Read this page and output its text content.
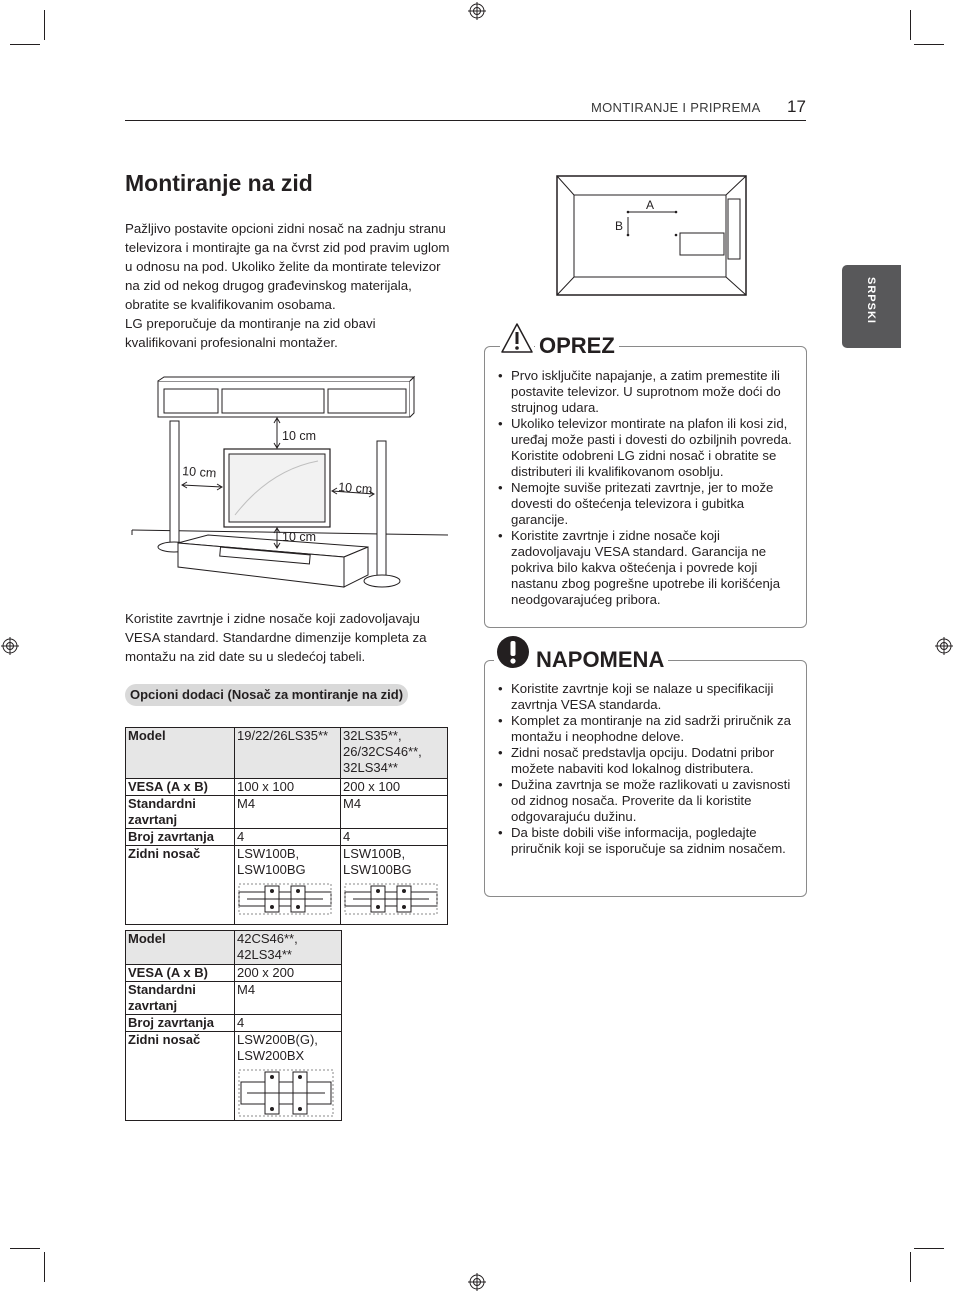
MONTIRANJE I PRIPREMA 17
SRPSKI
Montiranje na zid

Pažljivo postavite opcioni zidni nosač na zadnju stranu televizora i montirajte ga na čvrst zid pod pravim uglom u odnosu na pod. Ukoliko želite da montirate televizor na zid od nekog drugog građevinskog materijala, obratite se kvalifikovanim osobama.

LG preporučuje da montiranje na zid obavi kvalifikovani profesionalni montažer.

10 cm
10 cm
10 cm
10 cm
Koristite zavrtnje i zidne nosače koji zadovoljavaju VESA standard. Standardne dimenzije kompleta za montažu na zid date su u sledećoj tabeli.
Opcioni dodaci (Nosač za montiranje na zid)
Model	19/22/26LS35**	32LS35**, 26/32CS46**, 32LS34**
VESA (A x B)	100 x 100	200 x 100
Standardni zavrtanj	M4	M4
Broj zavrtanja	4	4
Zidni nosač	LSW100B, LSW100BG	LSW100B, LSW100BG
Model	42CS46**, 42LS34**
VESA (A x B)	200 x 200
Standardni zavrtanj	M4
Broj zavrtanja	4
Zidni nosač	LSW200B(G), LSW200BX
A
B
• Prvo isključite napajanje, a zatim premestite ili postavite televizor. U suprotnom može doći do strujnog udara.
• Ukoliko televizor montirate na plafon ili kosi zid, uređaj može pasti i dovesti do ozbiljnih povreda.
Koristite odobreni LG zidni nosač i obratite se distributeri ili kvalifikovanom osoblju.
• Nemojte suviše pritezati zavrtnje, jer to može dovesti do oštećenja televizora i gubitka garancije.
• Koristite zavrtnje i zidne nosače koji zadovoljavaju VESA standard. Garancija ne pokriva bilo kakva oštećenja i povrede koji nastanu zbog pogrešne upotrebe ili korišćenja neodgovarajućeg pribora.
OPREZ
• Koristite zavrtnje koji se nalaze u specifikaciji zavrtnja VESA standarda.
• Komplet za montiranje na zid sadrži priručnik za montažu i neophodne delove.
• Zidni nosač predstavlja opciju. Dodatni pribor možete nabaviti kod lokalnog distributera.
• Dužina zavrtnja se može razlikovati u zavisnosti od zidnog nosača. Proverite da li koristite odgovarajuću dužinu.
• Da biste dobili više informacija, pogledajte priručnik koji se isporučuje sa zidnim nosačem.
NAPOMENA
